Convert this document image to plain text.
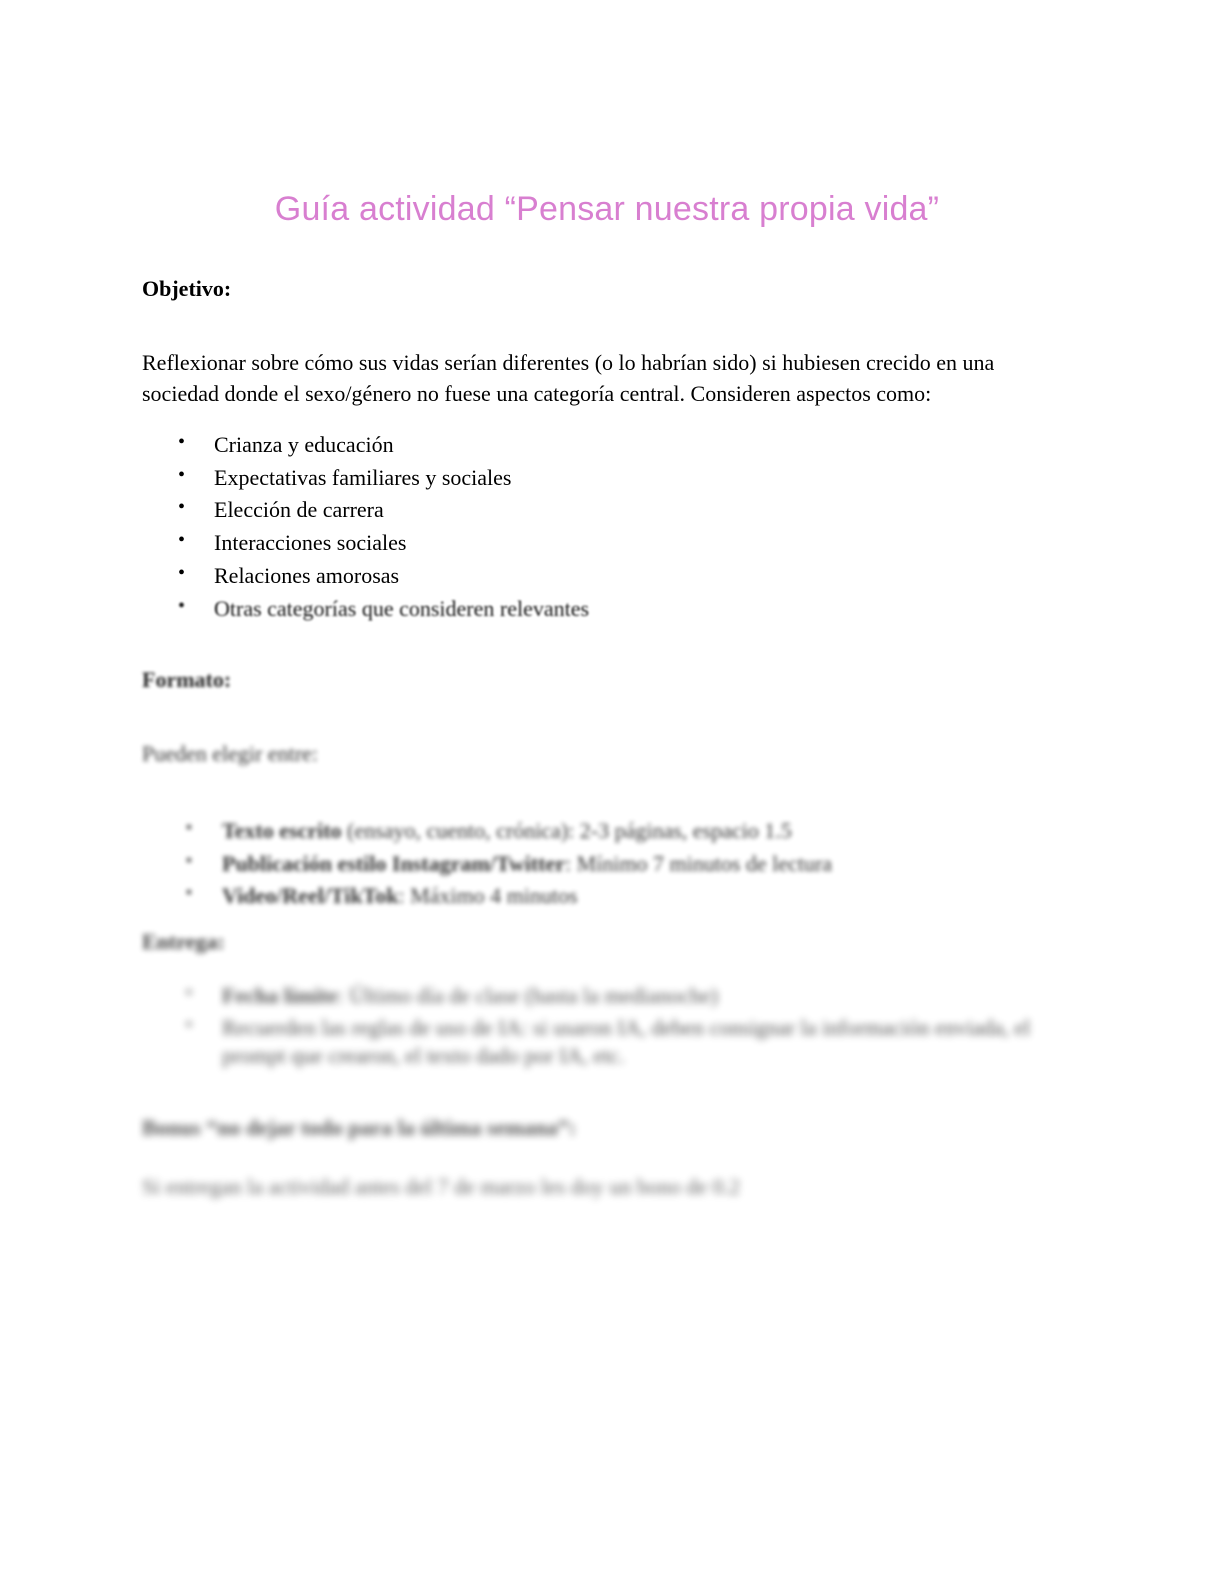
Guía actividad “Pensar nuestra propia vida”
Objetivo:

Reflexionar sobre cómo sus vidas serían diferentes (o lo habrían sido) si hubiesen crecido en una sociedad donde el sexo/género no fuese una categoría central. Consideren aspectos como:

• Crianza y educación
• Expectativas familiares y sociales
• Elección de carrera
• Interacciones sociales
• Relaciones amorosas
• Otras categorías que consideren relevantes
Formato:

Pueden elegir entre:

▪ Texto escrito (ensayo, cuento, crónica): 2-3 páginas, espacio 1.5
▪ Publicación estilo Instagram/Twitter: Mínimo 7 minutos de lectura
▪ Video/Reel/TikTok: Máximo 4 minutos
Entrega:
▪ Fecha límite: Último día de clase (hasta la medianoche)
▪ Recuerden las reglas de uso de IA: si usaron IA, deben consignar la información enviada, el prompt que crearon, el texto dado por IA, etc.
Bonus “no dejar todo para la última semana”:

Si entregan la actividad antes del 7 de marzo les doy un bono de 0.2
